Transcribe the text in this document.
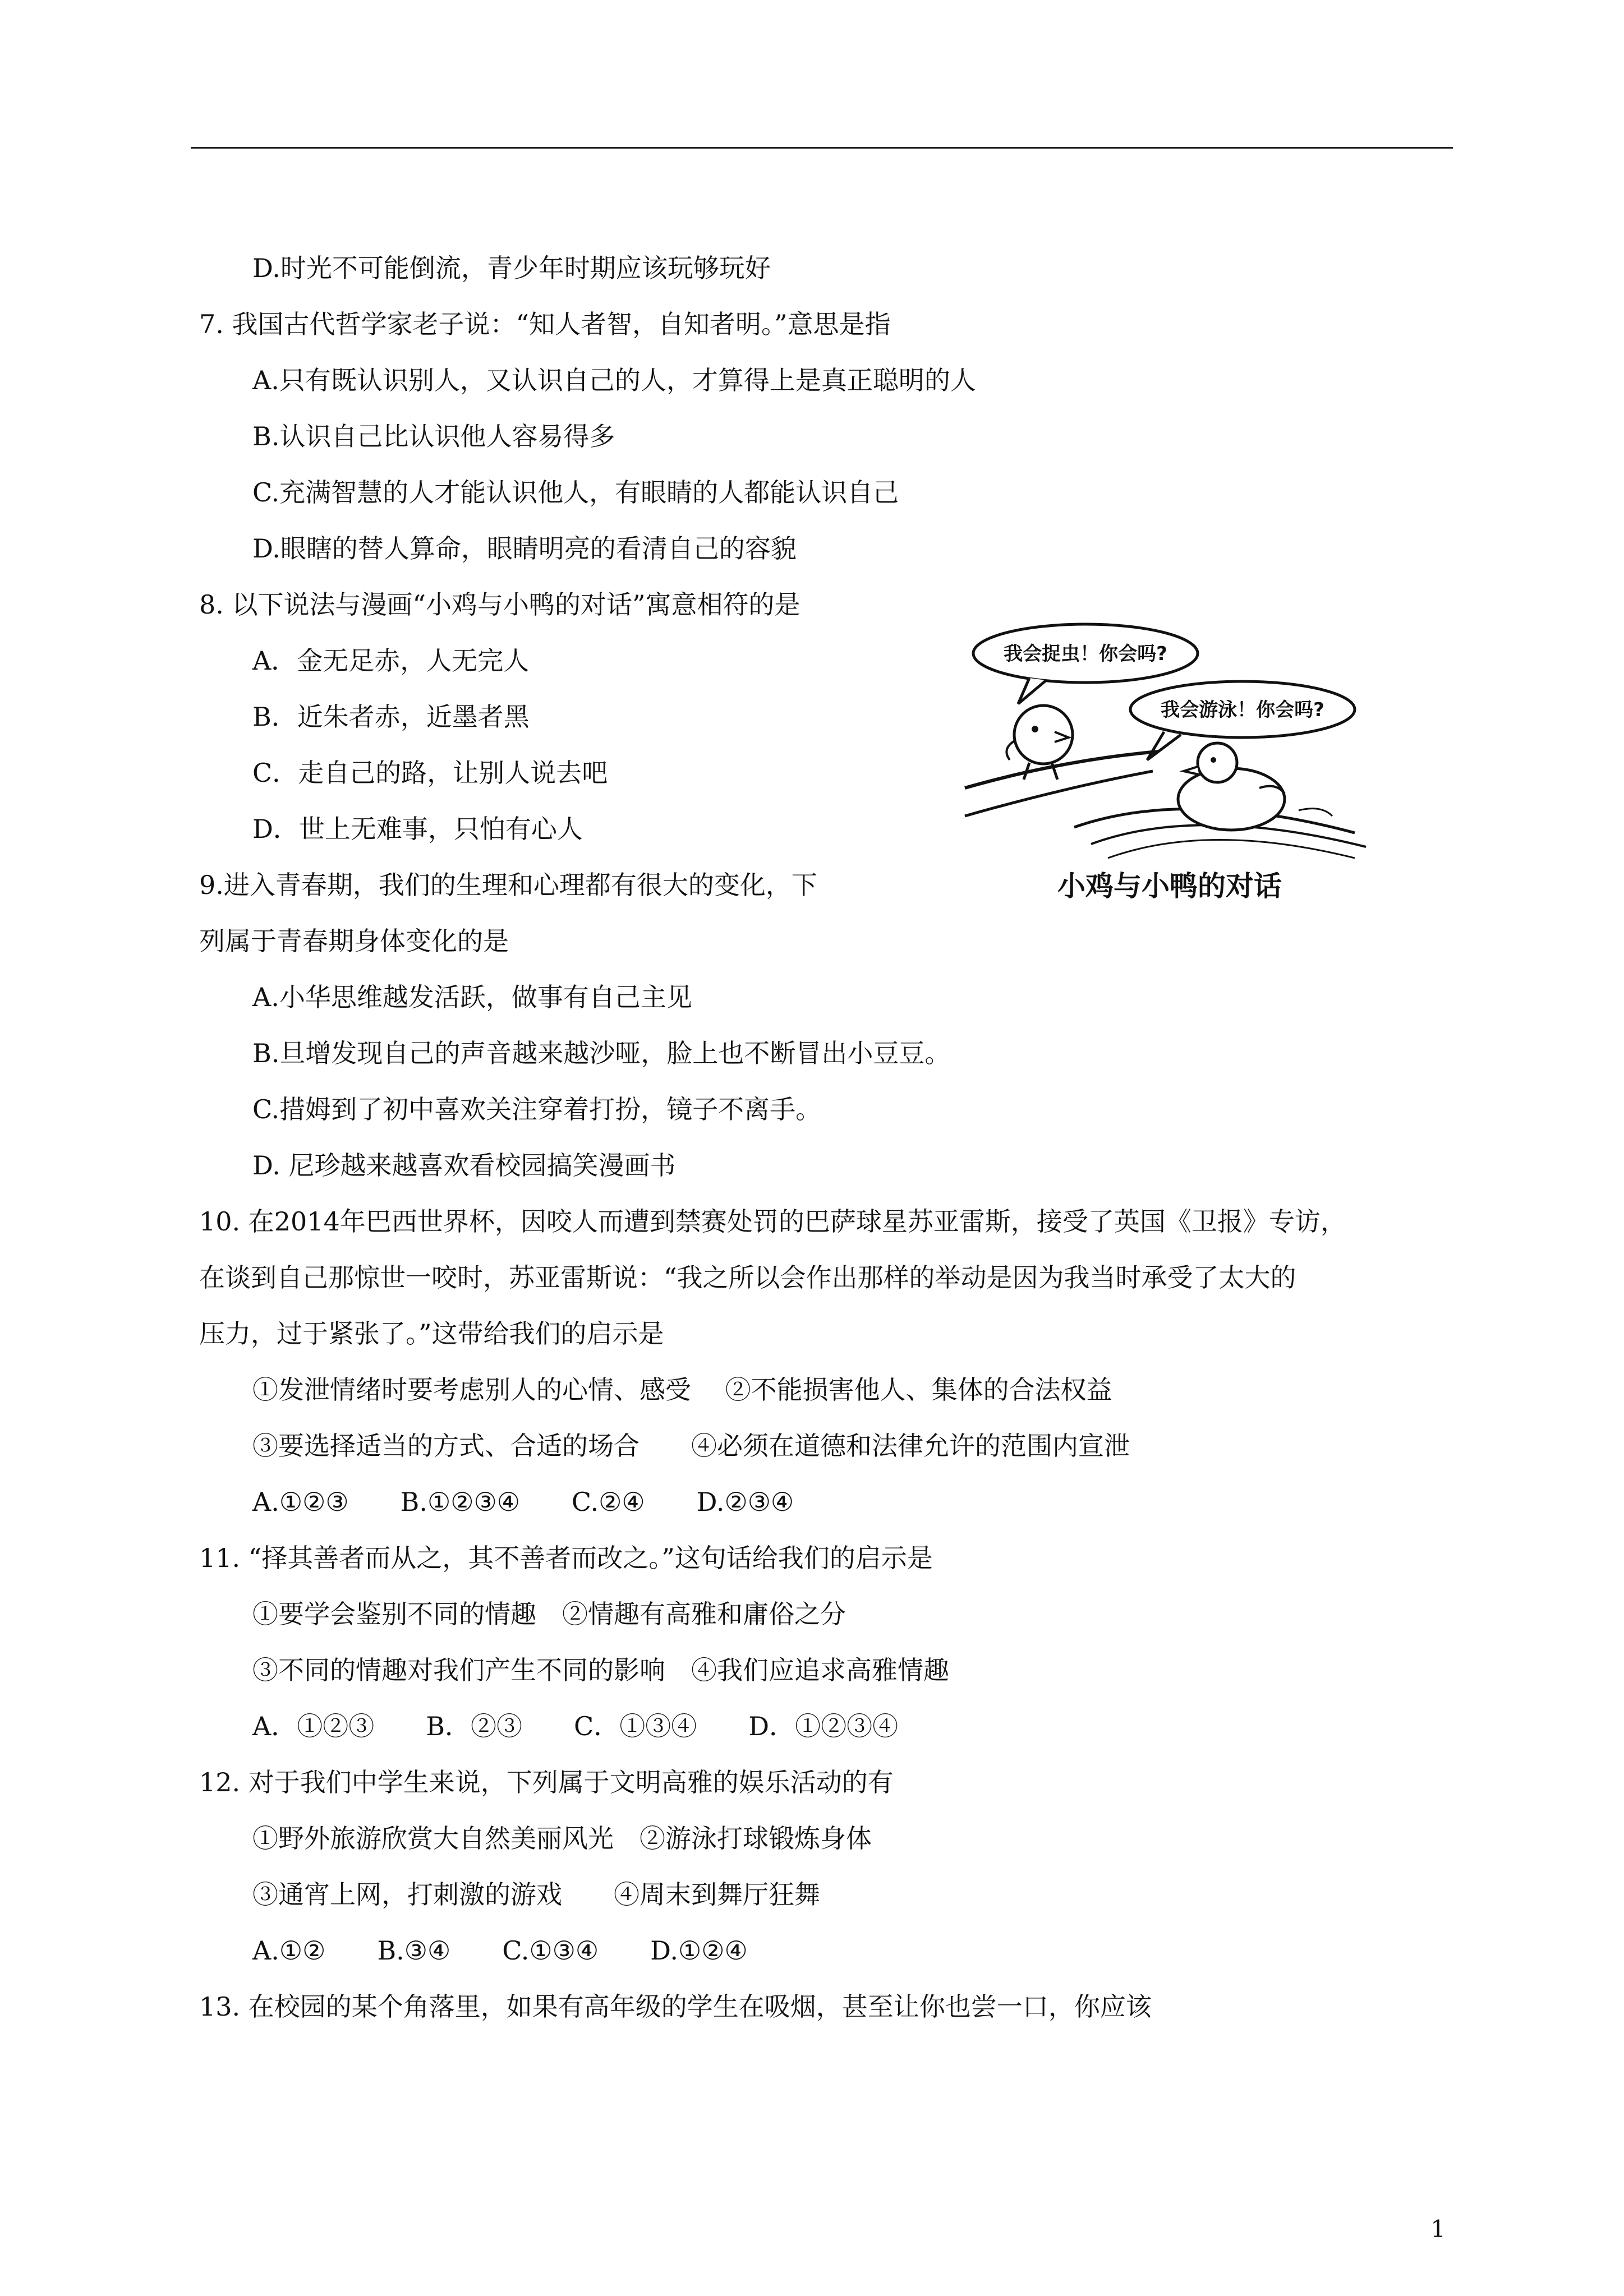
D.时光不可能倒流，青少年时期应该玩够玩好
7. 我国古代哲学家老子说：“知人者智，自知者明。”意思是指
A.只有既认识别人，又认识自己的人，才算得上是真正聪明的人
B.认识自己比认识他人容易得多
C.充满智慧的人才能认识他人，有眼睛的人都能认识自己
D.眼瞎的替人算命，眼睛明亮的看清自己的容貌
8. 以下说法与漫画“小鸡与小鸭的对话”寓意相符的是
A．金无足赤，人无完人
B．近朱者赤，近墨者黑
C．走自己的路，让别人说去吧
D．世上无难事，只怕有心人
9.进入青春期，我们的生理和心理都有很大的变化，下
列属于青春期身体变化的是
A.小华思维越发活跃，做事有自己主见
B.旦增发现自己的声音越来越沙哑，脸上也不断冒出小豆豆。
C.措姆到了初中喜欢关注穿着打扮，镜子不离手。
D. 尼珍越来越喜欢看校园搞笑漫画书
10. 在2014年巴西世界杯，因咬人而遭到禁赛处罚的巴萨球星苏亚雷斯，接受了英国《卫报》专访，
在谈到自己那惊世一咬时，苏亚雷斯说：“我之所以会作出那样的举动是因为我当时承受了太大的
压力，过于紧张了。”这带给我们的启示是
①发泄情绪时要考虑别人的心情、感受　 ②不能损害他人、集体的合法权益
③要选择适当的方式、合适的场合　　④必须在道德和法律允许的范围内宣泄
A.①②③　　B.①②③④　　C.②④　　D.②③④
11. “择其善者而从之，其不善者而改之。”这句话给我们的启示是
①要学会鉴别不同的情趣　②情趣有高雅和庸俗之分
③不同的情趣对我们产生不同的影响　④我们应追求高雅情趣
A．①②③　　B．②③　　C．①③④　　D．①②③④
12. 对于我们中学生来说，下列属于文明高雅的娱乐活动的有
①野外旅游欣赏大自然美丽风光　②游泳打球锻炼身体
③通宵上网，打刺激的游戏　　④周末到舞厅狂舞
A.①②　　B.③④　　C.①③④　　D.①②④
13. 在校园的某个角落里，如果有高年级的学生在吸烟，甚至让你也尝一口，你应该
我会捉虫！你会吗?
我会游泳！你会吗?
小鸡与小鸭的对话
1
